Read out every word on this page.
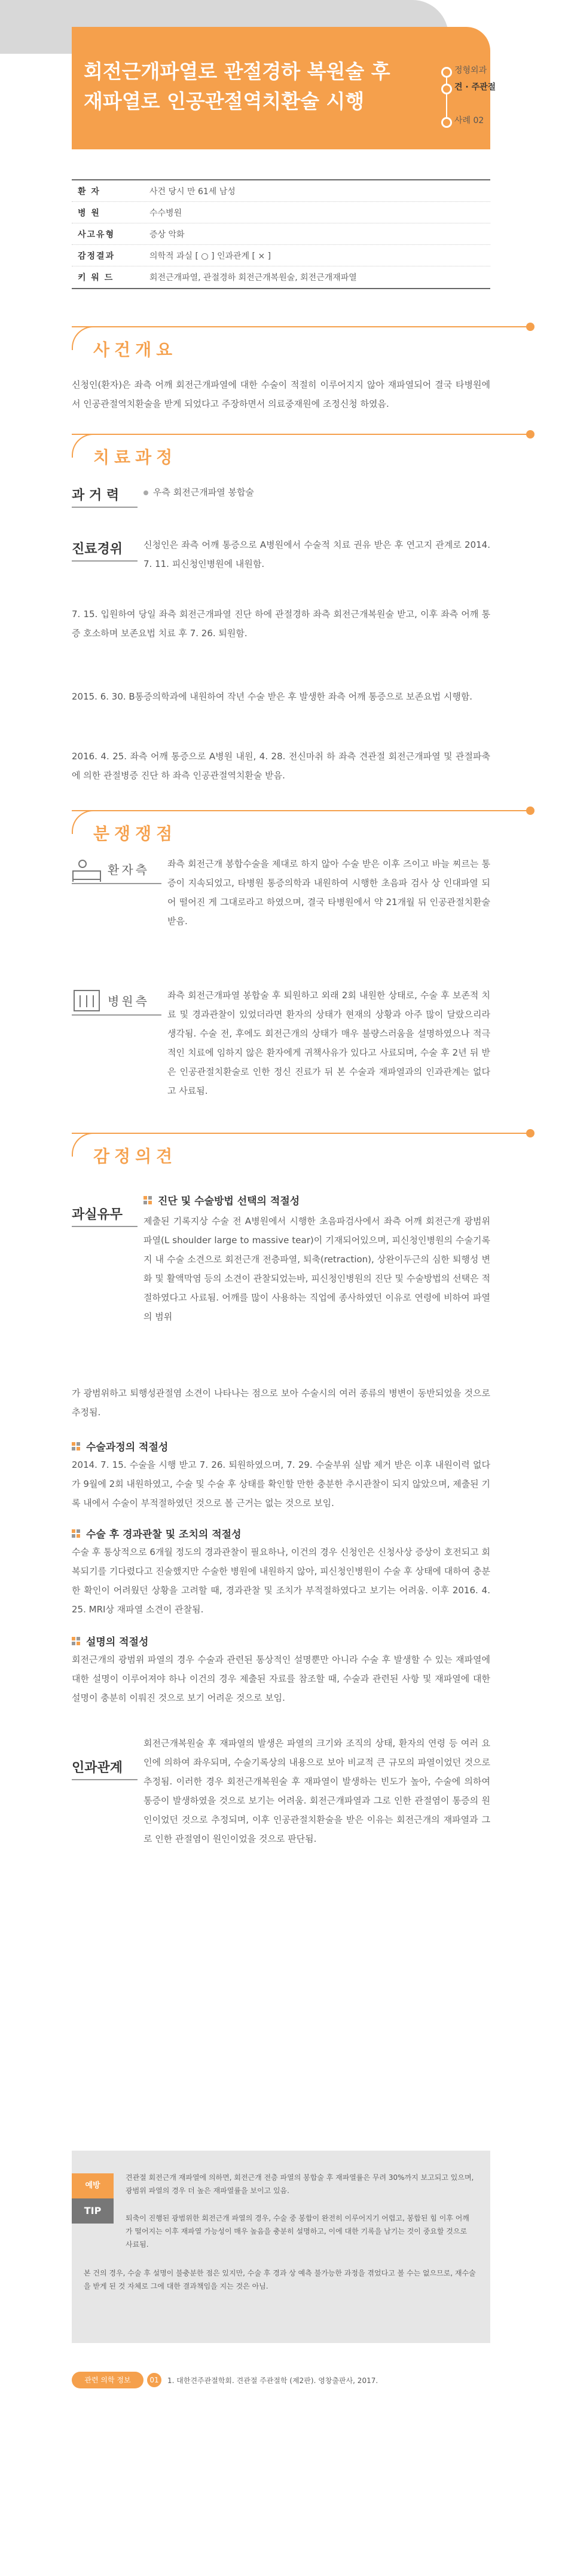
회전근개파열로 관절경하 복원술 후
재파열로 인공관절역치환술 시행
정형외과
견 · 주관절
사례 02
환 자	사건 당시 만 61세 남성
병 원	수수병원
사고유형	증상 악화
감정결과	의학적 과실 [ ○ ] 인과관계 [ × ]
키 워 드	회전근개파열, 관절경하 회전근개복원술, 회전근개재파열
사건개요
신청인(환자)은 좌측 어깨 회전근개파열에 대한 수술이 적절히 이루어지지 않아 재파열되어 결국 타병원에서 인공관절역치환술을 받게 되었다고 주장하면서 의료중재원에 조정신청 하였음.
치료과정
과 거 력	우측 회전근개파열 봉합술
진료경위 신청인은 좌측 어깨 통증으로 A병원에서 수술적 치료 권유 받은 후 연고지 관계로 2014. 7. 11. 피신청인병원에 내원함.
7. 15. 입원하여 당일 좌측 회전근개파열 진단 하에 관절경하 좌측 회전근개복원술 받고, 이후 좌측 어깨 통증 호소하며 보존요법 치료 후 7. 26. 퇴원함.
2015. 6. 30. B통증의학과에 내원하여 작년 수술 받은 후 발생한 좌측 어깨 통증으로 보존요법 시행함.
2016. 4. 25. 좌측 어깨 통증으로 A병원 내원, 4. 28. 전신마취 하 좌측 견관절 회전근개파열 및 관절파축에 의한 관절병증 진단 하 좌측 인공관절역치환술 받음.
분쟁쟁점
환자측 좌측 회전근개 봉합수술을 제대로 하지 않아 수술 받은 이후 즈이고 바늘 찌르는 통증이 지속되었고, 타병원 통증의학과 내원하여 시행한 초음파 검사 상 인대파열 되어 떨어진 게 그대로라고 하였으며, 결국 타병원에서 약 21개월 뒤 인공관절치환술 받음.
병원측 좌측 회전근개파열 봉합술 후 퇴원하고 외래 2회 내원한 상태로, 수술 후 보존적 치료 및 경과관찰이 있었더라면 환자의 상태가 현재의 상황과 아주 많이 달랐으리라 생각됨. 수술 전, 후에도 회전근개의 상태가 매우 불량스러움을 설명하였으나 적극적인 치료에 임하지 않은 환자에게 귀책사유가 있다고 사료되며, 수술 후 2년 뒤 받은 인공관절치환술로 인한 정신 진료가 뒤 본 수술과 재파열과의 인과관계는 없다고 사료됨.
감정의견
과실유무
진단 및 수술방법 선택의 적절성
제출된 기록지상 수술 전 A병원에서 시행한 초음파검사에서 좌측 어깨 회전근개 광범위 파열(L shoulder large to massive tear)이 기재되어있으며, 피신청인병원의 수술기록지 내 수술 소견으로 회전근개 전층파열, 퇴축(retraction), 상완이두근의 심한 퇴행성 변화 및 활액막염 등의 소견이 관찰되었는바, 피신청인병원의 진단 및 수술방법의 선택은 적절하였다고 사료됨. 어깨를 많이 사용하는 직업에 종사하였던 이유로 연령에 비하여 파열의 범위
가 광범위하고 퇴행성관절염 소견이 나타나는 점으로 보아 수술시의 여러 종류의 병변이 동반되었을 것으로 추정됨.
수술과정의 적절성
2014. 7. 15. 수술을 시행 받고 7. 26. 퇴원하였으며, 7. 29. 수술부위 실밥 제거 받은 이후 내원이력 없다가 9월에 2회 내원하였고, 수술 및 수술 후 상태를 확인할 만한 충분한 추시관찰이 되지 않았으며, 제출된 기록 내에서 수술이 부적절하였던 것으로 볼 근거는 없는 것으로 보임.
수술 후 경과관찰 및 조치의 적절성
수술 후 통상적으로 6개월 정도의 경과관찰이 필요하나, 이건의 경우 신청인은 신청사상 증상이 호전되고 회복되기를 기다렸다고 진술했지만 수술한 병원에 내원하지 않아, 피신청인병원이 수술 후 상태에 대하여 충분한 확인이 어려웠던 상황을 고려할 때, 경과관찰 및 조치가 부적절하였다고 보기는 어려움. 이후 2016. 4. 25. MRI상 재파열 소견이 관찰됨.
설명의 적절성
회전근개의 광범위 파열의 경우 수술과 관련된 통상적인 설명뿐만 아니라 수술 후 발생할 수 있는 재파열에 대한 설명이 이루어져야 하나 이건의 경우 제출된 자료를 참조할 때, 수술과 관련된 사항 및 재파열에 대한 설명이 충분히 이뤄진 것으로 보기 어려운 것으로 보임.
인과관계
회전근개복원술 후 재파열의 발생은 파열의 크기와 조직의 상태, 환자의 연령 등 여러 요인에 의하여 좌우되며, 수술기록상의 내용으로 보아 비교적 큰 규모의 파열이었던 것으로 추정됨. 이러한 경우 회전근개복원술 후 재파열이 발생하는 빈도가 높아, 수술에 의하여 통증이 발생하였을 것으로 보기는 어려움. 회전근개파열과 그로 인한 관절염이 통증의 원인이었던 것으로 추정되며, 이후 인공관절치환술을 받은 이유는 회전근개의 재파열과 그로 인한 관절염이 원인이었을 것으로 판단됨.
예방
TIP
견관절 회전근개 재파열에 의하면, 회전근개 전층 파열의 봉합술 후 재파열률은 무려 30%까지 보고되고 있으며, 광범위 파열의 경우 더 높은 재파열률을 보이고 있음.
퇴축이 진행된 광범위한 회전근개 파열의 경우, 수술 중 봉합이 완전히 이루어지기 어렵고, 봉합된 힘 이후 어깨가 떨어지는 이후 재파열 가능성이 매우 높음을 충분히 설명하고, 이에 대한 기록을 남기는 것이 중요할 것으로 사료됨.
본 건의 경우, 수술 후 설명이 불충분한 점은 있지만, 수술 후 경과 상 예측 불가능한 과정을 겪었다고 볼 수는 없으므로, 재수술을 받게 된 것 자체로 그에 대한 결과책임을 지는 것은 아님.
관련 의학 정보	01	1. 대한견주관절학회. 견관절 주관절학 (제2판). 영창출판사, 2017.
